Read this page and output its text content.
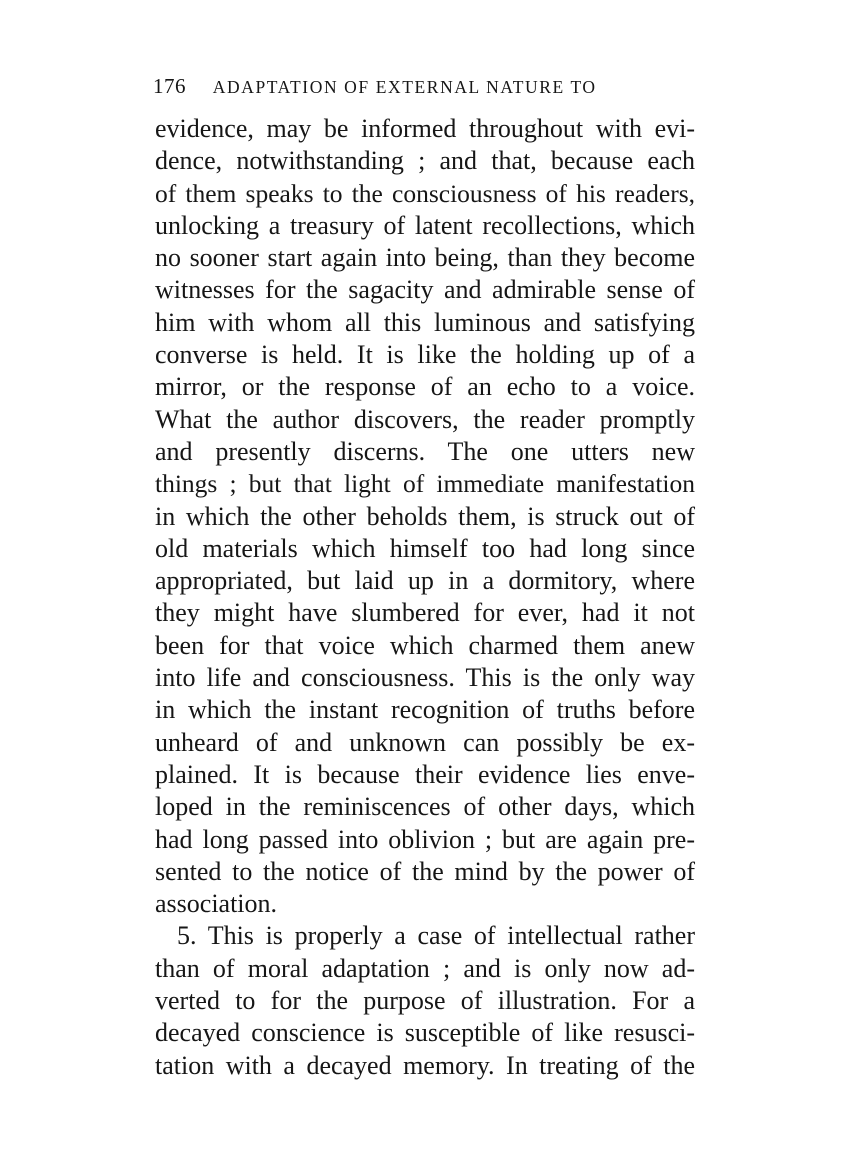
176 ADAPTATION OF EXTERNAL NATURE TO
evidence, may be informed throughout with evi-
dence, notwithstanding ; and that, because each
of them speaks to the consciousness of his readers,
unlocking a treasury of latent recollections, which
no sooner start again into being, than they become
witnesses for the sagacity and admirable sense of
him with whom all this luminous and satisfying
converse is held. It is like the holding up of a
mirror, or the response of an echo to a voice.
What the author discovers, the reader promptly
and presently discerns. The one utters new
things ; but that light of immediate manifestation
in which the other beholds them, is struck out of
old materials which himself too had long since
appropriated, but laid up in a dormitory, where
they might have slumbered for ever, had it not
been for that voice which charmed them anew
into life and consciousness. This is the only way
in which the instant recognition of truths before
unheard of and unknown can possibly be ex-
plained. It is because their evidence lies enve-
loped in the reminiscences of other days, which
had long passed into oblivion ; but are again pre-
sented to the notice of the mind by the power of
association.
5. This is properly a case of intellectual rather
than of moral adaptation ; and is only now ad-
verted to for the purpose of illustration. For a
decayed conscience is susceptible of like resusci-
tation with a decayed memory. In treating of the
